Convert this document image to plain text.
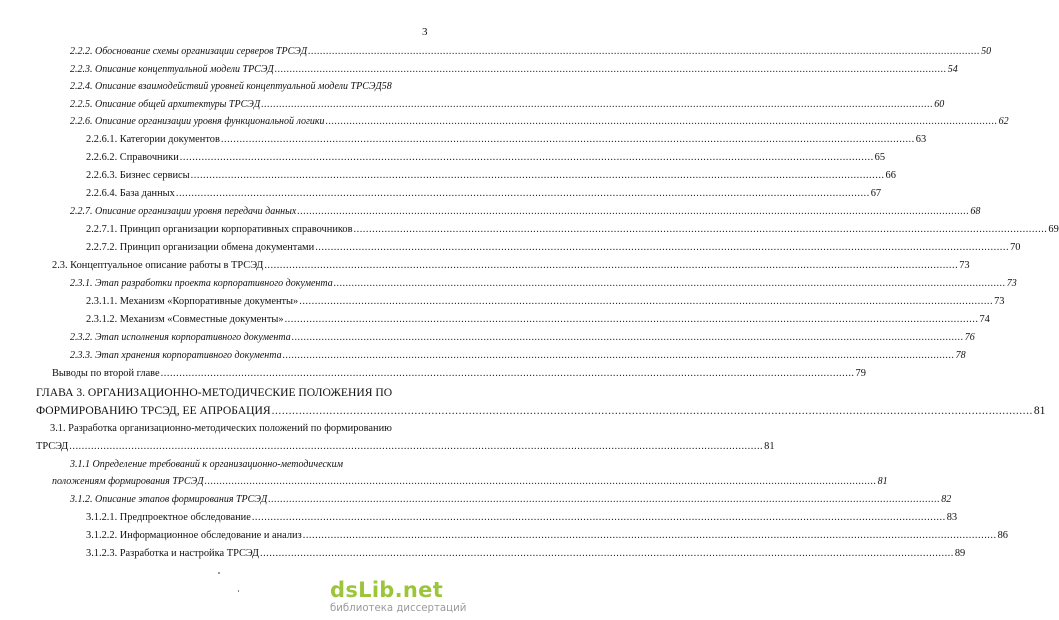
3
2.2.2. Обоснование схемы организации серверов ТРСЭД .....	50
2.2.3. Описание концептуальной модели ТРСЭД .....	54
2.2.4. Описание взаимодействий уровней концептуальной модели ТРСЭД 58
2.2.5. Описание общей архитектуры ТРСЭД .....	60
2.2.6. Описание организации уровня функциональной логики .....	62
2.2.6.1. Категории документов .....	63
2.2.6.2. Справочники .....	65
2.2.6.3. Бизнес сервисы .....	66
2.2.6.4. База данных .....	67
2.2.7. Описание организации уровня передачи данных .....	68
2.2.7.1. Принцип организации корпоративных справочников .....	69
2.2.7.2. Принцип организации обмена документами .....	70
2.3. Концептуальное описание работы в ТРСЭД .....	73
2.3.1. Этап разработки проекта корпоративного документа .....	73
2.3.1.1. Механизм «Корпоративные документы» .....	73
2.3.1.2. Механизм «Совместные документы» .....	74
2.3.2. Этап исполнения корпоративного документа .....	76
2.3.3. Этап хранения корпоративного документа .....	78
Выводы по второй главе .....	79
ГЛАВА 3. ОРГАНИЗАЦИОННО-МЕТОДИЧЕСКИЕ ПОЛОЖЕНИЯ ПО
ФОРМИРОВАНИЮ ТРСЭД, ЕЕ АПРОБАЦИЯ .....	81
3.1. Разработка организационно-методических положений по формированию
ТРСЭД .....	81
3.1.1 Определение требований к организационно-методическим
положениям формирования ТРСЭД .....	81
3.1.2. Описание этапов формирования ТРСЭД .....	82
3.1.2.1. Предпроектное обследование .....	83
3.1.2.2. Информационное обследование и анализ .....	86
3.1.2.3. Разработка и настройка ТРСЭД .....	89
dsLib.net
библиотека диссертаций
